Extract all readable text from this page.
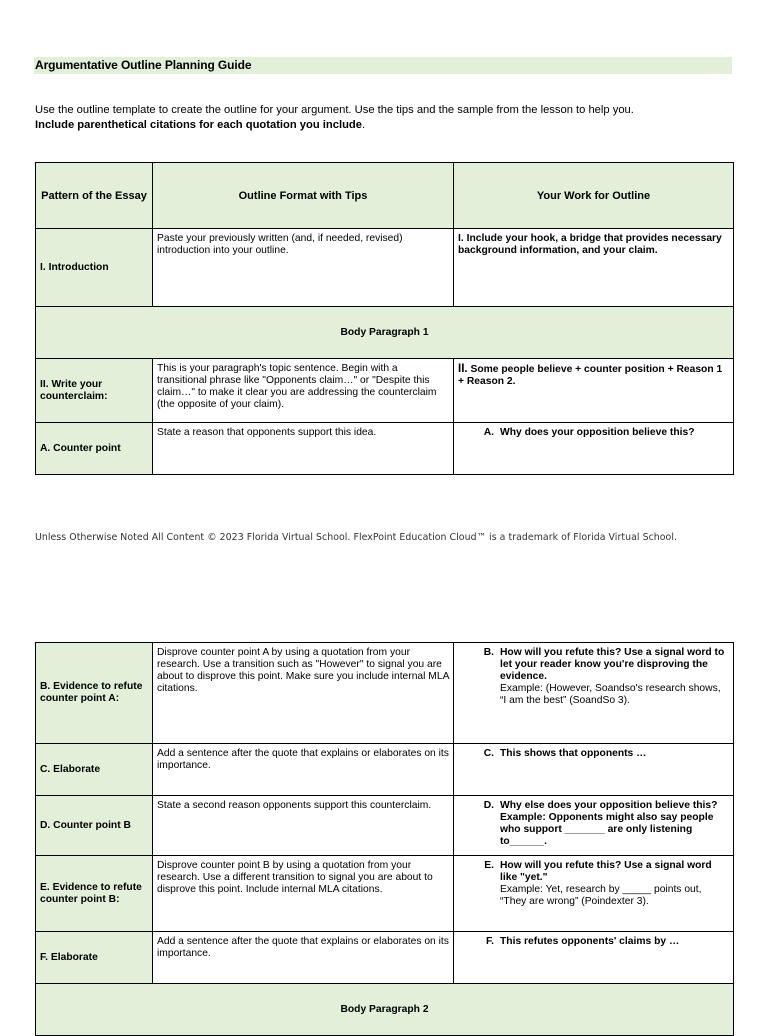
Argumentative Outline Planning Guide
Use the outline template to create the outline for your argument. Use the tips and the sample from the lesson to help you. Include parenthetical citations for each quotation you include.
Pattern of the Essay	Outline Format with Tips	Your Work for Outline
I. Introduction	Paste your previously written (and, if needed, revised) introduction into your outline.	I. Include your hook, a bridge that provides necessary background information, and your claim.

Body Paragraph 1		
II. Write your counterclaim:	This is your paragraph's topic sentence. Begin with a transitional phrase like "Opponents claim…" or "Despite this claim…" to make it clear you are addressing the counterclaim (the opposite of your claim).	II. Some people believe + counter position + Reason 1 + Reason 2.

A. Counter point	State a reason that opponents support this idea.	A. Why does your opposition believe this?
Unless Otherwise Noted All Content © 2023 Florida Virtual School. FlexPoint Education Cloud™ is a trademark of Florida Virtual School.
B. Evidence to refute counter point A:	Disprove counter point A by using a quotation from your research. Use a transition such as "However" to signal you are about to disprove this point. Make sure you include internal MLA citations.	B. How will you refute this? Use a signal word to let your reader know you're disproving the evidence.
Example: (However, Soandso's research shows, “I am the best” (SoandSo 3).

C. Elaborate	Add a sentence after the quote that explains or elaborates on its importance.	C. This shows that opponents …

D. Counter point B	State a second reason opponents support this counterclaim.	D. Why else does your opposition believe this? Example: Opponents might also say people who support _______ are only listening to______.

E. Evidence to refute counter point B:	Disprove counter point B by using a quotation from your research. Use a different transition to signal you are about to disprove this point. Include internal MLA citations.	E. How will you refute this? Use a signal word like "yet."
Example: Yet, research by _____ points out, “They are wrong” (Poindexter 3).

F. Elaborate	Add a sentence after the quote that explains or elaborates on its importance.	F. This refutes opponents' claims by …

Body Paragraph 2		
